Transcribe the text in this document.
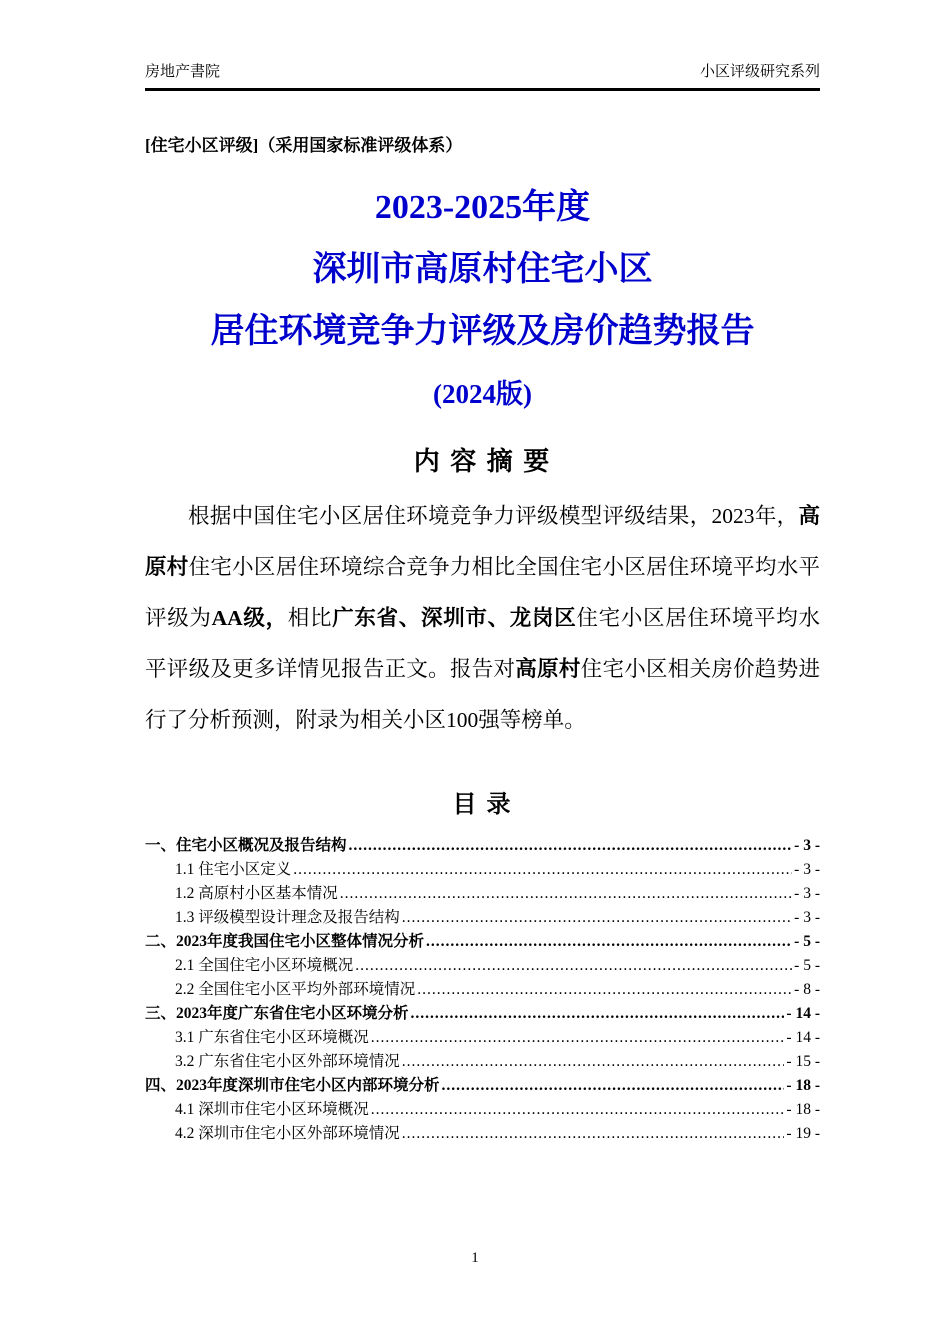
房地产書院	小区评级研究系列
[住宅小区评级]（采用国家标准评级体系）
2023-2025年度
深圳市高原村住宅小区
居住环境竞争力评级及房价趋势报告
(2024版)
内 容 摘 要

根据中国住宅小区居住环境竞争力评级模型评级结果，2023年，高原村住宅小区居住环境综合竞争力相比全国住宅小区居住环境平均水平评级为AA级，相比广东省、深圳市、龙岗区住宅小区居住环境平均水平评级及更多详情见报告正文。报告对高原村住宅小区相关房价趋势进行了分析预测，附录为相关小区100强等榜单。

目 录
一、住宅小区概况及报告结构 .....	- 3 -
1.1 住宅小区定义 .....	- 3 -
1.2 高原村小区基本情况 .....	- 3 -
1.3 评级模型设计理念及报告结构 .....	- 3 -
二、2023年度我国住宅小区整体情况分析 .....	- 5 -
2.1 全国住宅小区环境概况 .....	- 5 -
2.2 全国住宅小区平均外部环境情况 .....	- 8 -
三、2023年度广东省住宅小区环境分析 .....	- 14 -
3.1 广东省住宅小区环境概况 .....	- 14 -
3.2 广东省住宅小区外部环境情况 .....	- 15 -
四、2023年度深圳市住宅小区内部环境分析 .....	- 18 -
4.1 深圳市住宅小区环境概况 .....	- 18 -
4.2 深圳市住宅小区外部环境情况 .....	- 19 -
1
